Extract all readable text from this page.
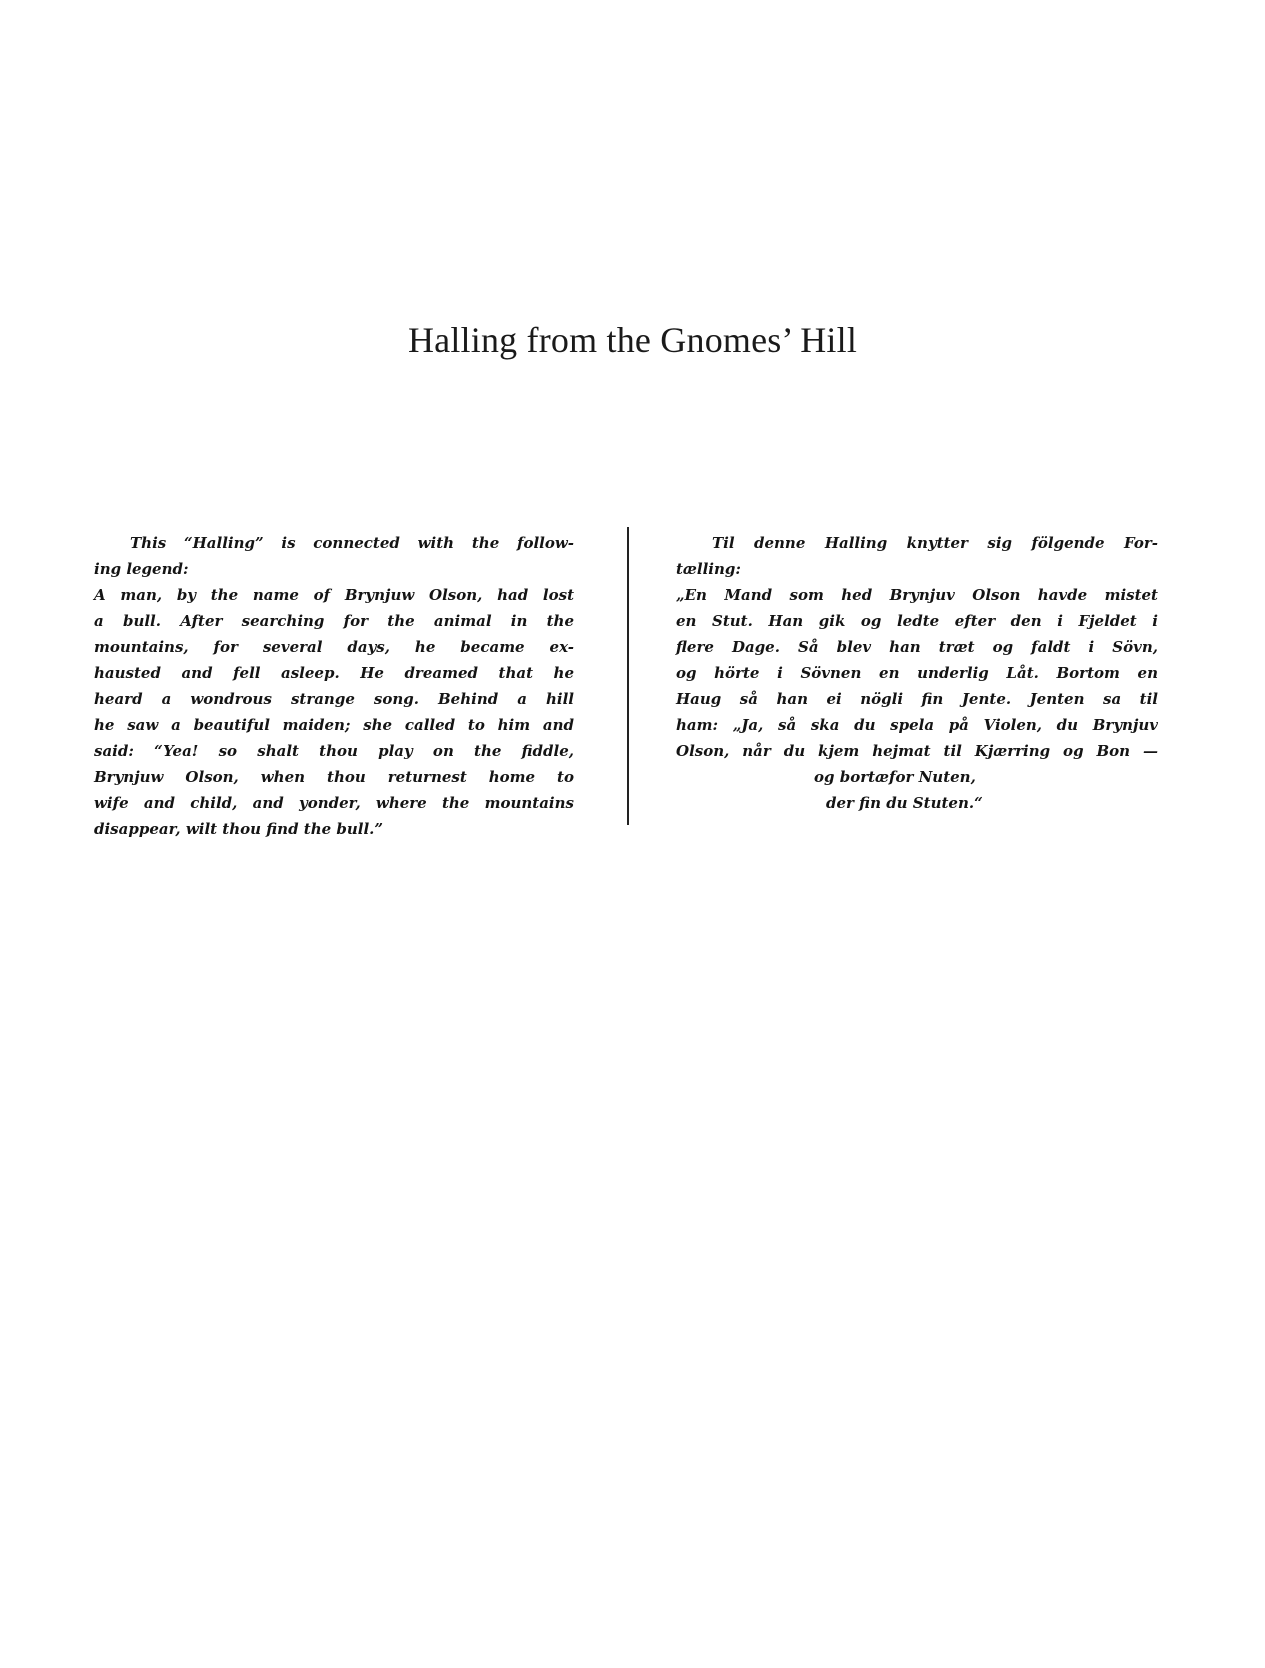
Halling from the Gnomes’ Hill
This “Halling” is connected with the follow-
ing legend:
A man, by the name of Brynjuw Olson, had lost
a bull. After searching for the animal in the
mountains, for several days, he became ex-
hausted and fell asleep. He dreamed that he
heard a wondrous strange song. Behind a hill
he saw a beautiful maiden; she called to him and
said: “Yea! so shalt thou play on the fiddle,
Brynjuw Olson, when thou returnest home to
wife and child, and yonder, where the mountains
disappear, wilt thou find the bull.”
Til denne Halling knytter sig fölgende For-
tælling:
„En Mand som hed Brynjuv Olson havde mistet
en Stut. Han gik og ledte efter den i Fjeldet i
flere Dage. Så blev han træt og faldt i Sövn,
og hörte i Sövnen en underlig Låt. Bortom en
Haug så han ei nögli fin Jente. Jenten sa til
ham: „Ja, så ska du spela på Violen, du Brynjuv
Olson, når du kjem hejmat til Kjærring og Bon —
og bortæfor Nuten,
der fin du Stuten.“
